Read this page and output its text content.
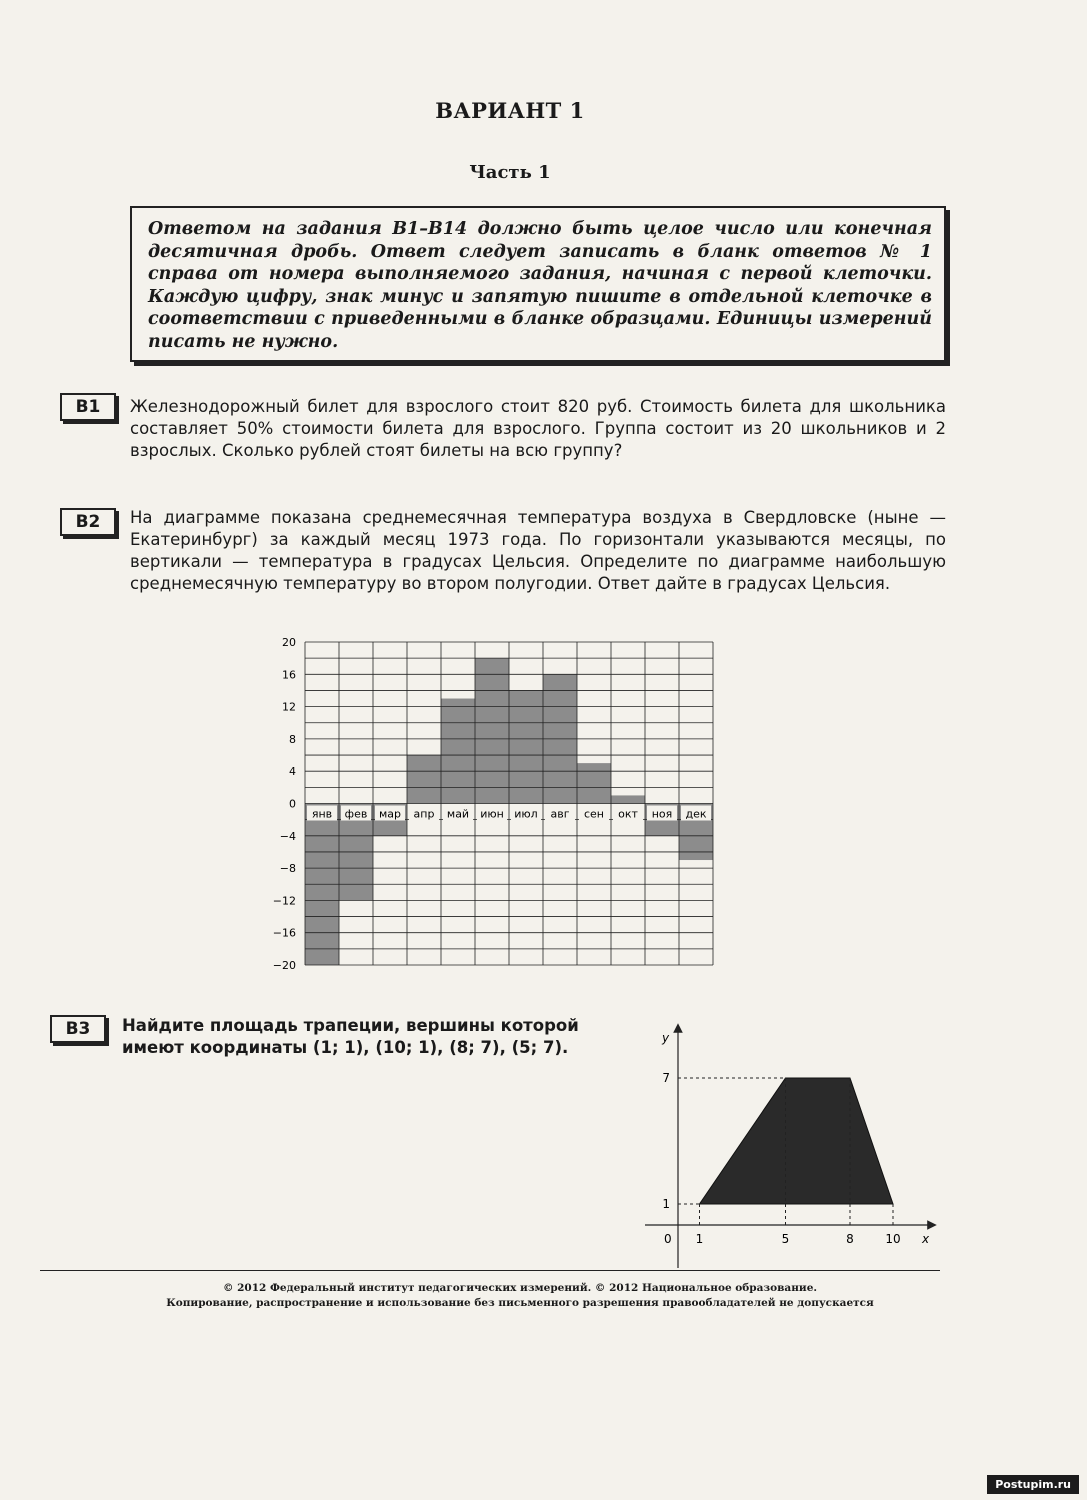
ВАРИАНТ 1
Часть 1
Ответом на задания B1–B14 должно быть целое число или конечная десятичная дробь. Ответ следует записать в бланк ответов № 1 справа от номера выполняемого задания, начиная с первой клеточки. Каждую цифру, знак минус и запятую пишите в отдельной клеточке в соответствии с приведенными в бланке образцами. Единицы измерений писать не нужно.
B1	Железнодорожный билет для взрослого стоит 820 руб. Стоимость билета для школьника составляет 50% стоимости билета для взрослого. Группа состоит из 20 школьников и 2 взрослых. Сколько рублей стоят билеты на всю группу?
B2	На диаграмме показана среднемесячная температура воздуха в Свердловске (ныне — Екатеринбург) за каждый месяц 1973 года. По горизонтали указываются месяцы, по вертикали — температура в градусах Цельсия. Определите по диаграмме наибольшую среднемесячную температуру во втором полугодии. Ответ дайте в градусах Цельсия.
20
16
12
8
4
0
−4
−8
−12
−16
−20
янв фев мар апр май июн июл авг сен окт ноя дек
B3	Найдите площадь трапеции, вершины которой имеют координаты (1; 1), (10; 1), (8; 7), (5; 7).
1	5	8	10
1
7
0	x
y
© 2012 Федеральный институт педагогических измерений. © 2012 Национальное образование.
Копирование, распространение и использование без письменного разрешения правообладателей не допускается
Postupim.ru
